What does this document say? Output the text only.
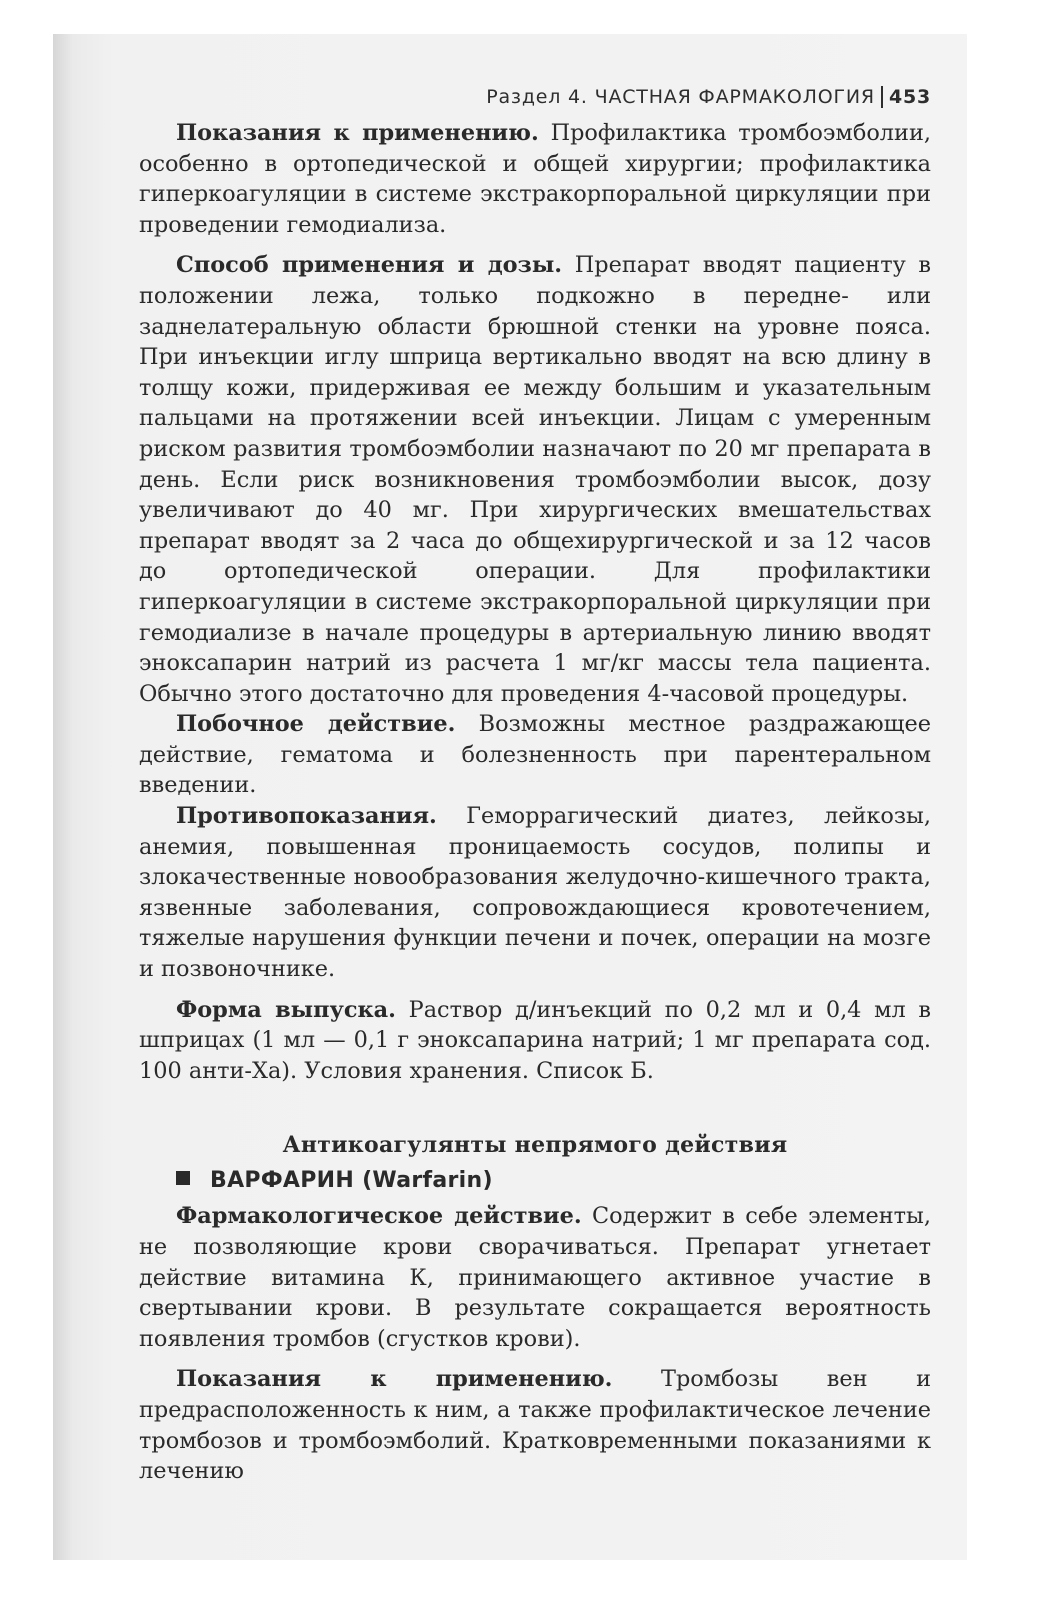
Раздел 4. ЧАСТНАЯ ФАРМАКОЛОГИЯ 453

Показания к применению. Профилактика тромбоэмболии, особенно в ортопедической и общей хирургии; профилактика гиперкоагуляции в системе экстракорпоральной циркуляции при проведении гемодиализа.

Способ применения и дозы. Препарат вводят пациенту в положении лежа, только подкожно в передне- или заднелатеральную области брюшной стенки на уровне пояса. При инъекции иглу шприца вертикально вводят на всю длину в толщу кожи, придерживая ее между большим и указательным пальцами на протяжении всей инъекции. Лицам с умеренным риском развития тромбоэмболии назначают по 20 мг препарата в день. Если риск возникновения тромбоэмболии высок, дозу увеличивают до 40 мг. При хирургических вмешательствах препарат вводят за 2 часа до общехирургической и за 12 часов до ортопедической операции. Для профилактики гиперкоагуляции в системе экстракорпоральной циркуляции при гемодиализе в начале процедуры в артериальную линию вводят эноксапарин натрий из расчета 1 мг/кг массы тела пациента. Обычно этого достаточно для проведения 4-часовой процедуры.

Побочное действие. Возможны местное раздражающее действие, гематома и болезненность при парентеральном введении.

Противопоказания. Геморрагический диатез, лейкозы, анемия, повышенная проницаемость сосудов, полипы и злокачественные новообразования желудочно-кишечного тракта, язвенные заболевания, сопровождающиеся кровотечением, тяжелые нарушения функции печени и почек, операции на мозге и позвоночнике.

Форма выпуска. Раствор д/инъекций по 0,2 мл и 0,4 мл в шприцах (1 мл — 0,1 г эноксапарина натрий; 1 мг препарата сод. 100 анти-Ха). Условия хранения. Список Б.

Антикоагулянты непрямого действия
ВАРФАРИН (Warfarin)

Фармакологическое действие. Содержит в себе элементы, не позволяющие крови сворачиваться. Препарат угнетает действие витамина К, принимающего активное участие в свертывании крови. В результате сокращается вероятность появления тромбов (сгустков крови).

Показания к применению. Тромбозы вен и предрасположенность к ним, а также профилактическое лечение тромбозов и тромбоэмболий. Кратковременными показаниями к лечению
